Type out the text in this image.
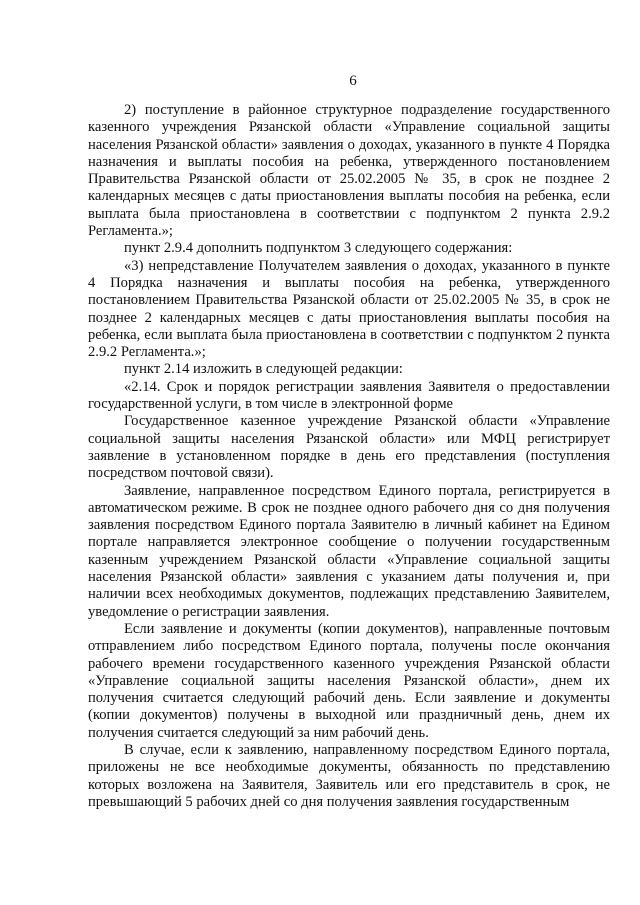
6

2) поступление в районное структурное подразделение государственного казенного учреждения Рязанской области «Управление социальной защиты населения Рязанской области» заявления о доходах, указанного в пункте 4 Порядка назначения и выплаты пособия на ребенка, утвержденного постановлением Правительства Рязанской области от 25.02.2005 № 35, в срок не позднее 2 календарных месяцев с даты приостановления выплаты пособия на ребенка, если выплата была приостановлена в соответствии с подпунктом 2 пункта 2.9.2 Регламента.»;

пункт 2.9.4 дополнить подпунктом 3 следующего содержания:

«3) непредставление Получателем заявления о доходах, указанного в пункте 4 Порядка назначения и выплаты пособия на ребенка, утвержденного постановлением Правительства Рязанской области от 25.02.2005 № 35, в срок не позднее 2 календарных месяцев с даты приостановления выплаты пособия на ребенка, если выплата была приостановлена в соответствии с подпунктом 2 пункта 2.9.2 Регламента.»;

пункт 2.14 изложить в следующей редакции:

«2.14. Срок и порядок регистрации заявления Заявителя о предоставлении государственной услуги, в том числе в электронной форме

Государственное казенное учреждение Рязанской области «Управление социальной защиты населения Рязанской области» или МФЦ регистрирует заявление в установленном порядке в день его представления (поступления посредством почтовой связи).

Заявление, направленное посредством Единого портала, регистрируется в автоматическом режиме. В срок не позднее одного рабочего дня со дня получения заявления посредством Единого портала Заявителю в личный кабинет на Едином портале направляется электронное сообщение о получении государственным казенным учреждением Рязанской области «Управление социальной защиты населения Рязанской области» заявления с указанием даты получения и, при наличии всех необходимых документов, подлежащих представлению Заявителем, уведомление о регистрации заявления.

Если заявление и документы (копии документов), направленные почтовым отправлением либо посредством Единого портала, получены после окончания рабочего времени государственного казенного учреждения Рязанской области «Управление социальной защиты населения Рязанской области», днем их получения считается следующий рабочий день. Если заявление и документы (копии документов) получены в выходной или праздничный день, днем их получения считается следующий за ним рабочий день.

В случае, если к заявлению, направленному посредством Единого портала, приложены не все необходимые документы, обязанность по представлению которых возложена на Заявителя, Заявитель или его представитель в срок, не превышающий 5 рабочих дней со дня получения заявления государственным
